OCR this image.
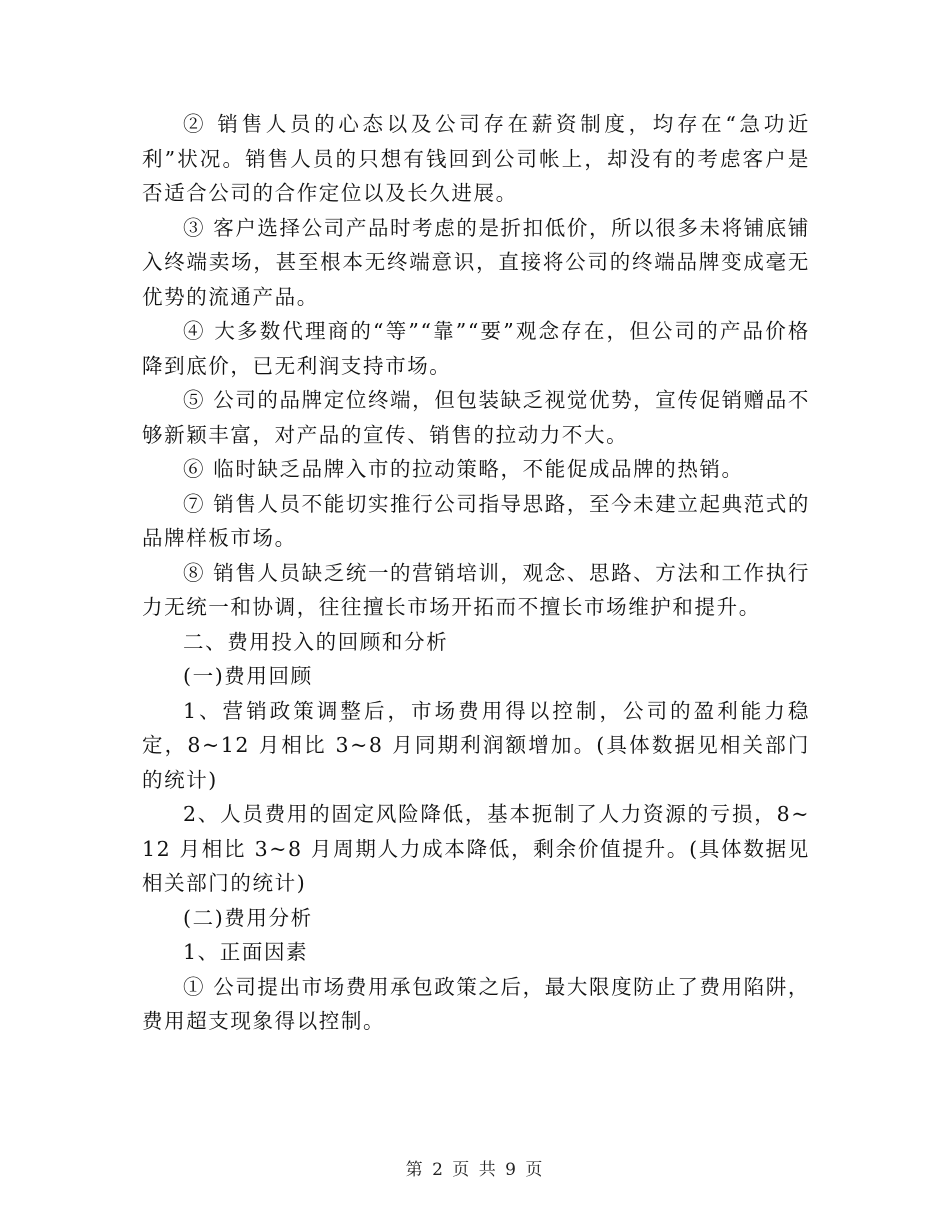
② 销售人员的心态以及公司存在薪资制度，均存在“急功近利”状况。销售人员的只想有钱回到公司帐上，却没有的考虑客户是否适合公司的合作定位以及长久进展。

③ 客户选择公司产品时考虑的是折扣低价，所以很多未将铺底铺入终端卖场，甚至根本无终端意识，直接将公司的终端品牌变成毫无优势的流通产品。

④ 大多数代理商的“等”“靠”“要”观念存在，但公司的产品价格降到底价，已无利润支持市场。

⑤ 公司的品牌定位终端，但包装缺乏视觉优势，宣传促销赠品不够新颖丰富，对产品的宣传、销售的拉动力不大。

⑥ 临时缺乏品牌入市的拉动策略，不能促成品牌的热销。

⑦ 销售人员不能切实推行公司指导思路，至今未建立起典范式的品牌样板市场。

⑧ 销售人员缺乏统一的营销培训，观念、思路、方法和工作执行力无统一和协调，往往擅长市场开拓而不擅长市场维护和提升。

二、费用投入的回顾和分析

(一)费用回顾

1、营销政策调整后，市场费用得以控制，公司的盈利能力稳定，8~12 月相比 3~8 月同期利润额增加。(具体数据见相关部门的统计)

2、人员费用的固定风险降低，基本扼制了人力资源的亏损，8~12 月相比 3~8 月周期人力成本降低，剩余价值提升。(具体数据见相关部门的统计)

(二)费用分析

1、正面因素

① 公司提出市场费用承包政策之后，最大限度防止了费用陷阱，费用超支现象得以控制。

第 2 页 共 9 页
